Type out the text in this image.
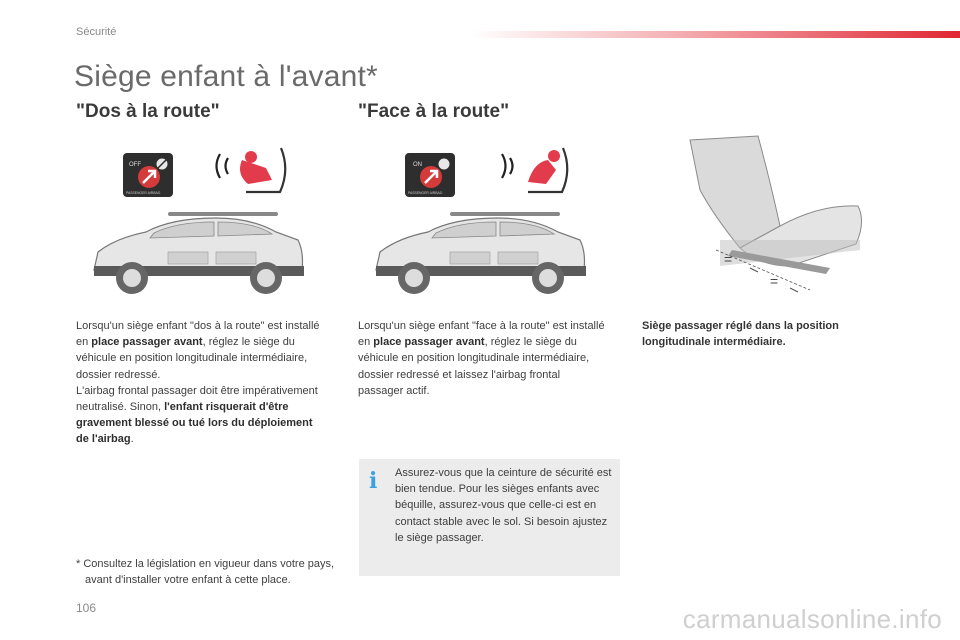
Sécurité
Siège enfant à l'avant*
"Dos à la route"	"Face à la route"
OFF
PASSENGER AIRBAG
ON
PASSENGER AIRBAG
=
=

Lorsqu'un siège enfant "dos à la route" est installé en place passager avant, réglez le siège du véhicule en position longitudinale intermédiaire, dossier redressé.

L'airbag frontal passager doit être impérativement neutralisé. Sinon, l'enfant risquerait d'être gravement blessé ou tué lors du déploiement de l'airbag.

Lorsqu'un siège enfant "face à la route" est installé en place passager avant, réglez le siège du véhicule en position longitudinale intermédiaire, dossier redressé et laissez l'airbag frontal passager actif.

Siège passager réglé dans la position longitudinale intermédiaire.
i Assurez-vous que la ceinture de sécurité est bien tendue. Pour les sièges enfants avec béquille, assurez-vous que celle-ci est en contact stable avec le sol. Si besoin ajustez le siège passager.
* Consultez la législation en vigueur dans votre pays, avant d'installer votre enfant à cette place.
106	carmanualsonline.info
